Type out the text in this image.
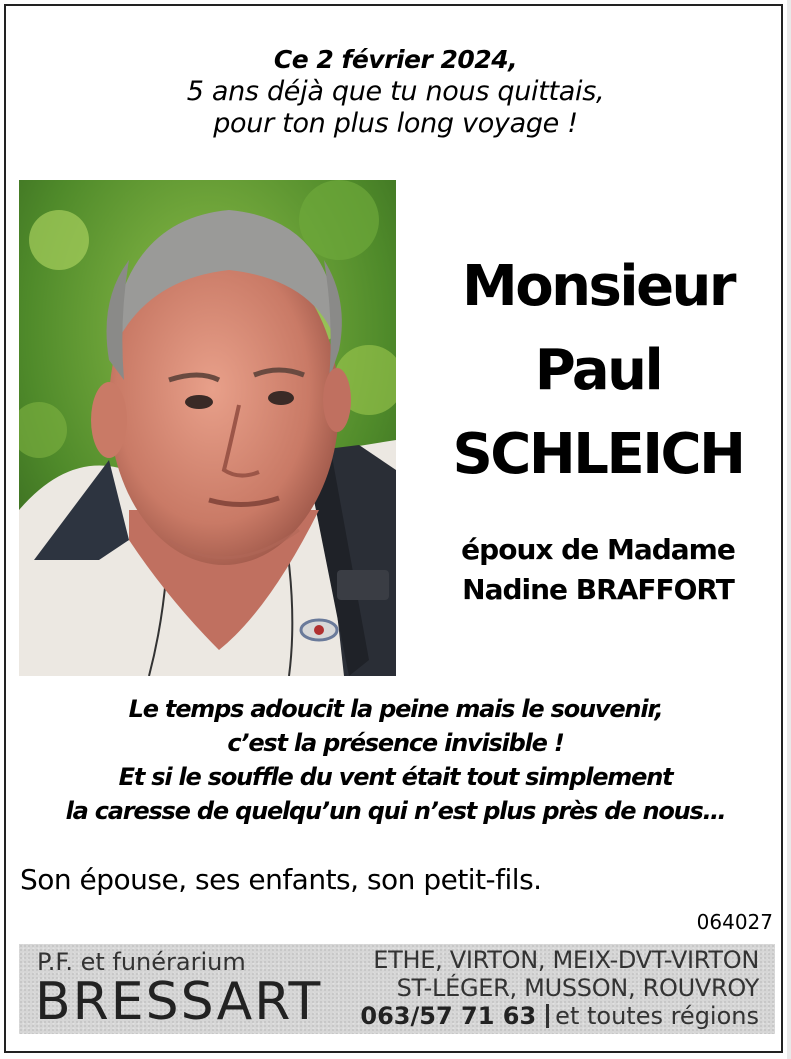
Ce 2 février 2024,
5 ans déjà que tu nous quittais,
pour ton plus long voyage !
Monsieur
Paul
SCHLEICH
époux de Madame
Nadine BRAFFORT
Le temps adoucit la peine mais le souvenir,
c’est la présence invisible !
Et si le souffle du vent était tout simplement
la caresse de quelqu’un qui n’est plus près de nous…
Son épouse, ses enfants, son petit-fils.
064027
P.F. et funérarium
BRESSART
ETHE, VIRTON, MEIX-DVT-VIRTON
ST-LÉGER, MUSSON, ROUVROY
063/57 71 63 et toutes régions
